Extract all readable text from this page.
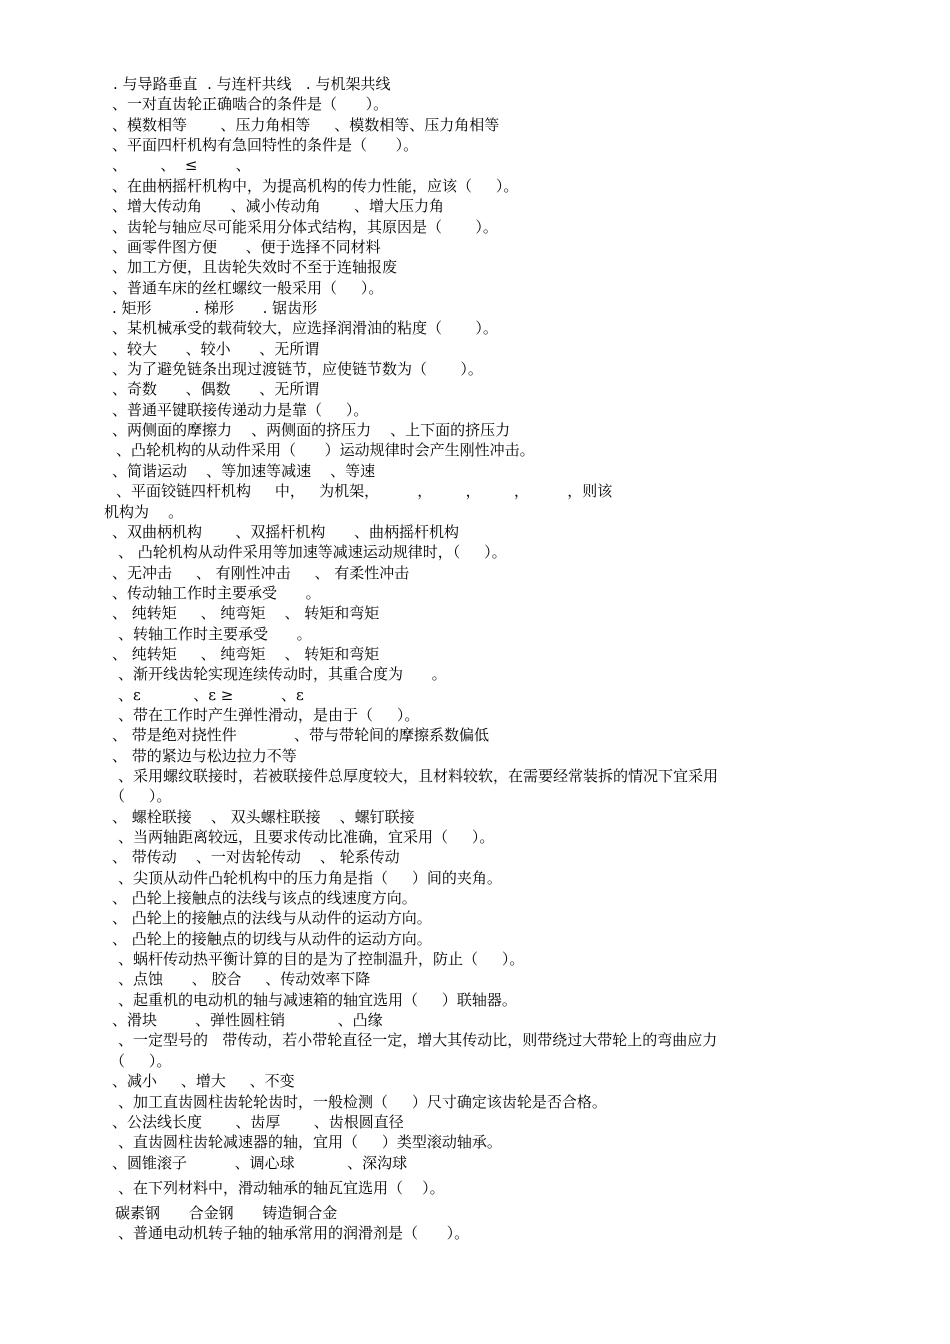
. 与导路垂直  . 与连杆共线   . 与机架共线
、一对直齿轮正确啮合的条件是（      ）。
、模数相等       、压力角相等     、模数相等、压力角相等
、平面四杆机构有急回特性的条件是（      ）。
、       、  ≤        、
、在曲柄摇杆机构中，为提高机构的传力性能，应该（     ）。
、增大传动角      、减小传动角       、增大压力角
、齿轮与轴应尽可能采用分体式结构，其原因是（       ）。
、画零件图方便      、便于选择不同材料
、加工方便，且齿轮失效时不至于连轴报废
、普通车床的丝杠螺纹一般采用（     ）。
. 矩形         . 梯形      . 锯齿形
、某机械承受的载荷较大，应选择润滑油的粘度（       ）。
、较大      、较小      、无所谓
、为了避免链条出现过渡链节，应使链节数为（       ）。
、奇数      、偶数      、无所谓
、普通平键联接传递动力是靠（     ）。
、两侧面的摩擦力    、两侧面的挤压力    、上下面的挤压力
、凸轮机构的从动件采用（      ）运动规律时会产生刚性冲击。
、简谐运动    、等加速等减速    、等速
、平面铰链四杆机构     中，   为机架，        ，       ，       ，        ，则该
机构为    。
、双曲柄机构       、双摇杆机构      、曲柄摇杆机构
、 凸轮机构从动件采用等加速等减速运动规律时，（     ）。
、无冲击     、 有刚性冲击     、 有柔性冲击
、传动轴工作时主要承受      。
、 纯转矩     、 纯弯矩    、 转矩和弯矩
、转轴工作时主要承受      。
、 纯转矩     、 纯弯矩    、 转矩和弯矩
、渐开线齿轮实现连续传动时，其重合度为      。
、ε           、ε ≥          、ε
、带在工作时产生弹性滑动，是由于（     ）。
、 带是绝对挠性件            、带与带轮间的摩擦系数偏低
、 带的紧边与松边拉力不等
、采用螺纹联接时，若被联接件总厚度较大，且材料较软，在需要经常装拆的情况下宜采用
（     ）。
、 螺栓联接    、 双头螺柱联接    、螺钉联接
、当两轴距离较远，且要求传动比准确，宜采用（     ）。
、 带传动    、一对齿轮传动    、 轮系传动
、尖顶从动件凸轮机构中的压力角是指（     ）间的夹角。
、 凸轮上接触点的法线与该点的线速度方向。
、 凸轮上的接触点的法线与从动件的运动方向。
、 凸轮上的接触点的切线与从动件的运动方向。
、蜗杆传动热平衡计算的目的是为了控制温升，防止（     ）。
、点蚀      、 胶合     、传动效率下降
、起重机的电动机的轴与减速箱的轴宜选用（     ）联轴器。
、滑块        、弹性圆柱销           、凸缘
、一定型号的   带传动，若小带轮直径一定，增大其传动比，则带绕过大带轮上的弯曲应力
（     ）。
、减小     、增大     、不变
、加工直齿圆柱齿轮轮齿时，一般检测（     ）尺寸确定该齿轮是否合格。
、公法线长度       、齿厚       、齿根圆直径
、直齿圆柱齿轮减速器的轴，宜用（     ）类型滚动轴承。
、圆锥滚子          、调心球           、深沟球
、在下列材料中，滑动轴承的轴瓦宜选用（    ）。
碳素钢      合金钢      铸造铜合金
、普通电动机转子轴的轴承常用的润滑剂是（      ）。
